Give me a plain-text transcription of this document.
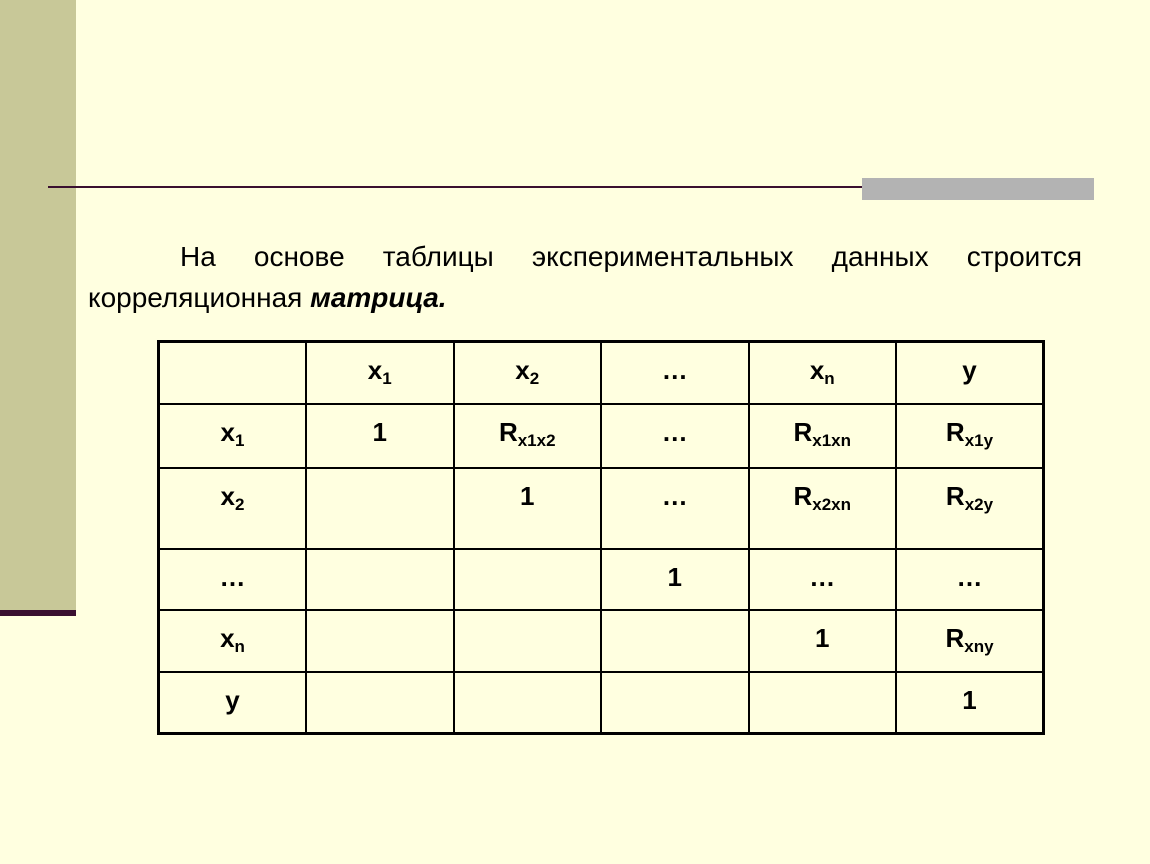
На основе таблицы экспериментальных данных строится
корреляционная матрица.
	$x_1$	$x_2$	…	$x_n$	y
$x_1$	1	$R_{x1x2}$	…	$R_{x1xn}$	$R_{x1y}$
$x_2$		1	…	$R_{x2xn}$	$R_{x2y}$
…			1	…	…
$x_n$				1	$R_{xny}$
y					1
